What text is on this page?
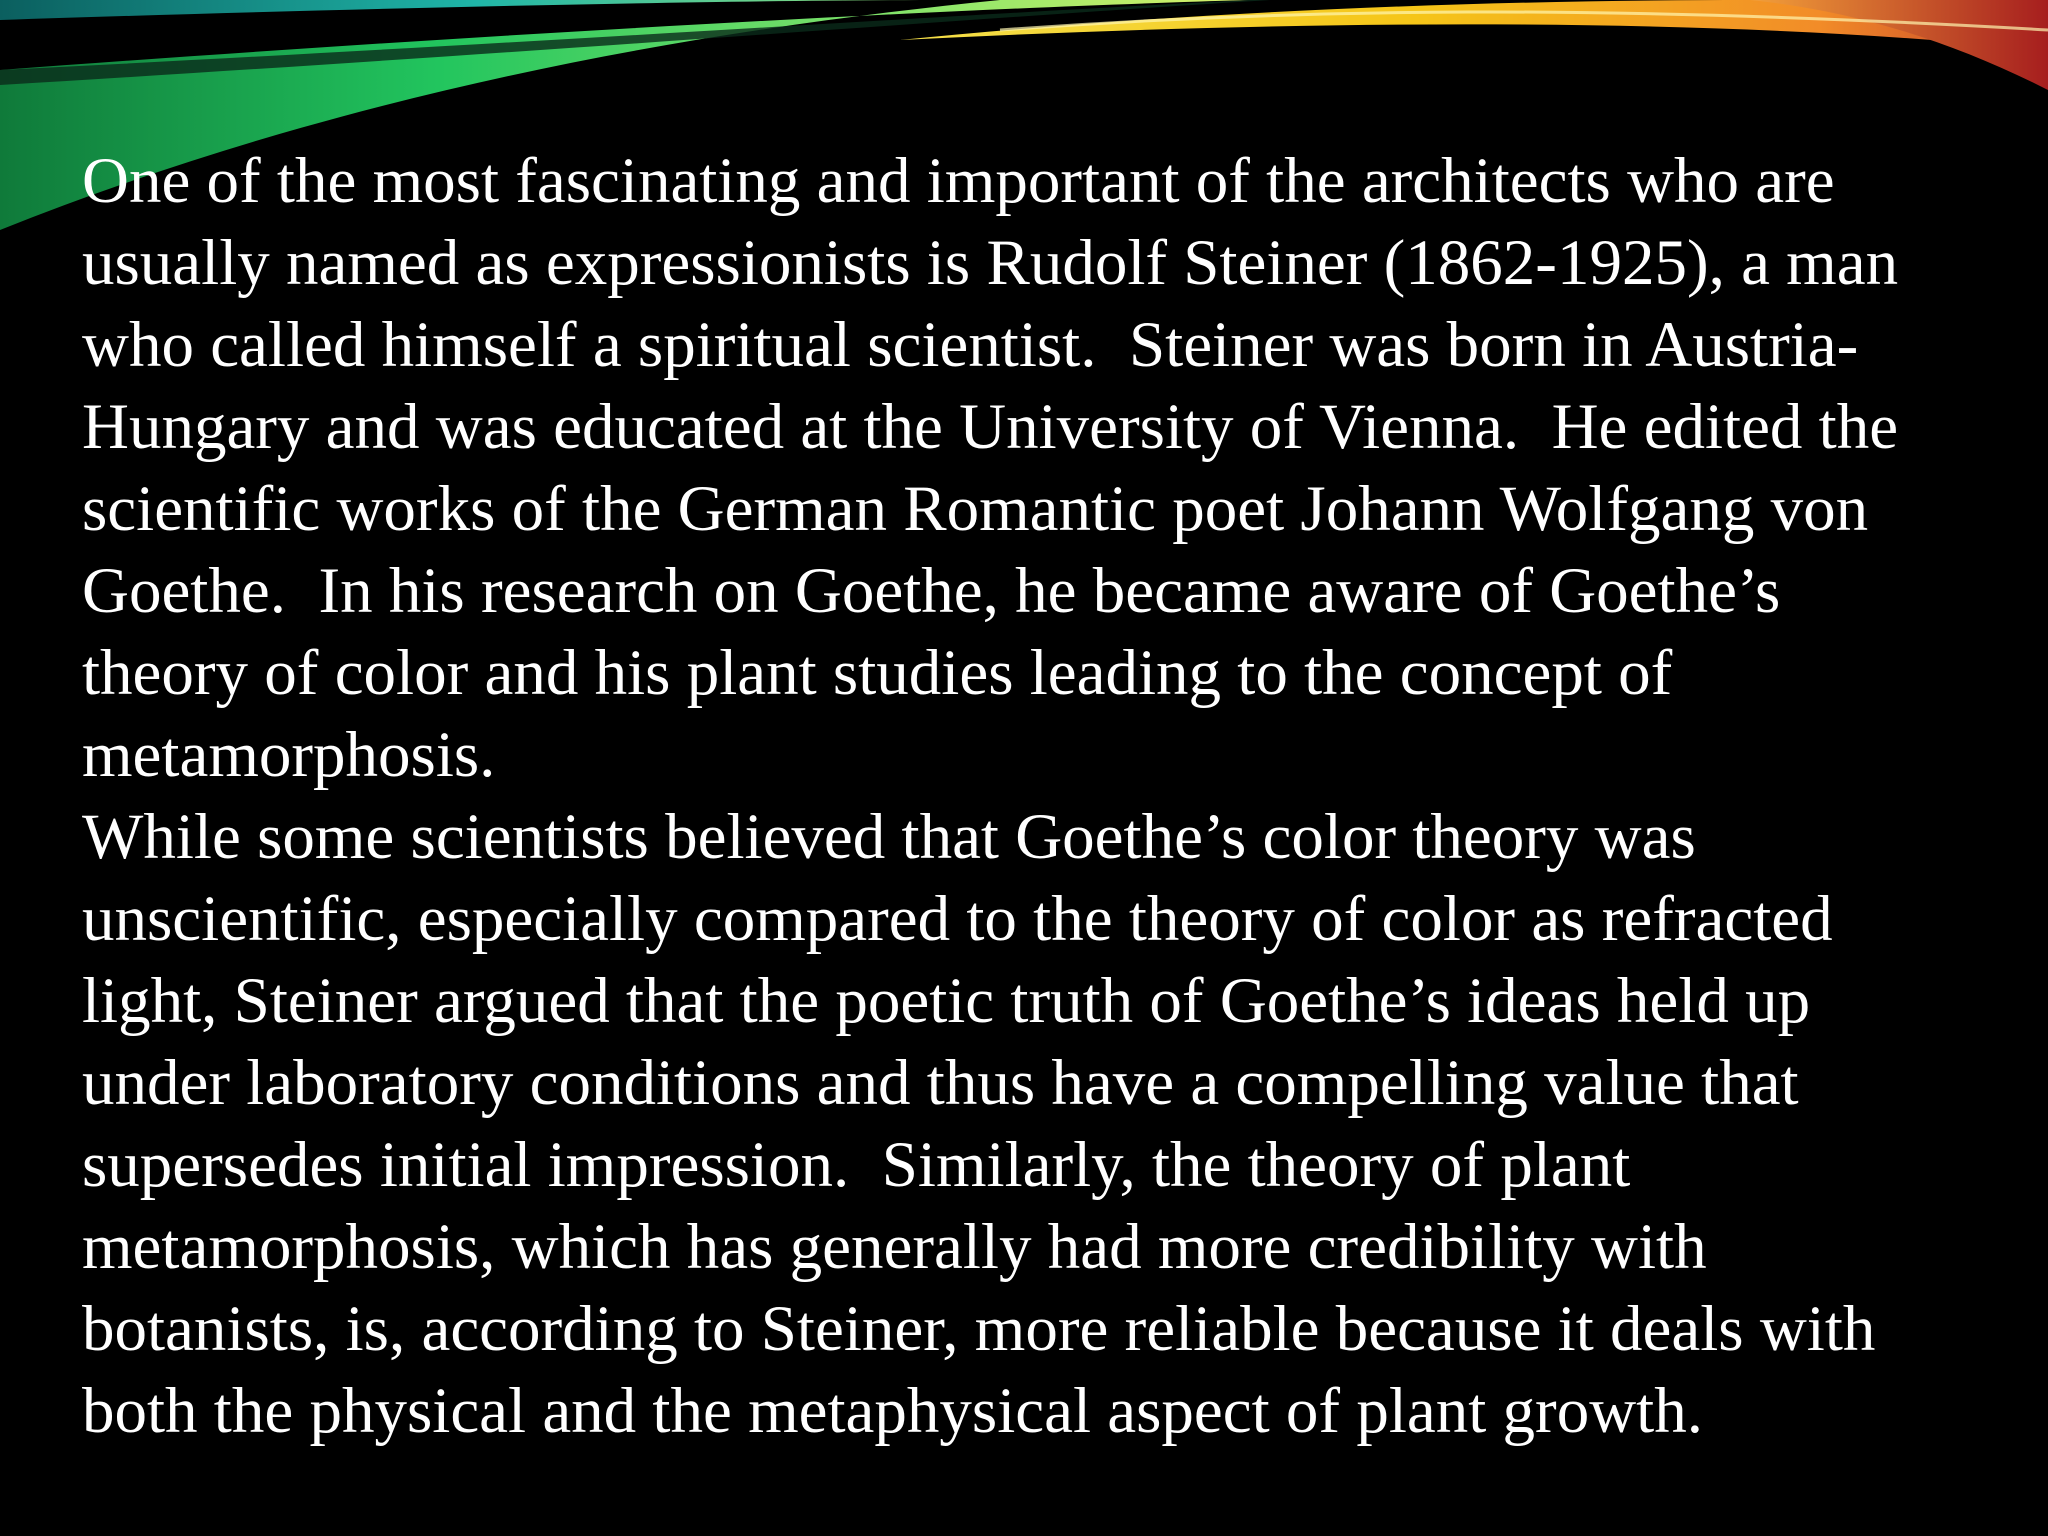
One of the most fascinating and important of the architects who are
usually named as expressionists is Rudolf Steiner (1862-1925), a man
who called himself a spiritual scientist.  Steiner was born in Austria-
Hungary and was educated at the University of Vienna.  He edited the
scientific works of the German Romantic poet Johann Wolfgang von
Goethe.  In his research on Goethe, he became aware of Goethe’s
theory of color and his plant studies leading to the concept of
metamorphosis.
While some scientists believed that Goethe’s color theory was
unscientific, especially compared to the theory of color as refracted
light, Steiner argued that the poetic truth of Goethe’s ideas held up
under laboratory conditions and thus have a compelling value that
supersedes initial impression.  Similarly, the theory of plant
metamorphosis, which has generally had more credibility with
botanists, is, according to Steiner, more reliable because it deals with
both the physical and the metaphysical aspect of plant growth.
